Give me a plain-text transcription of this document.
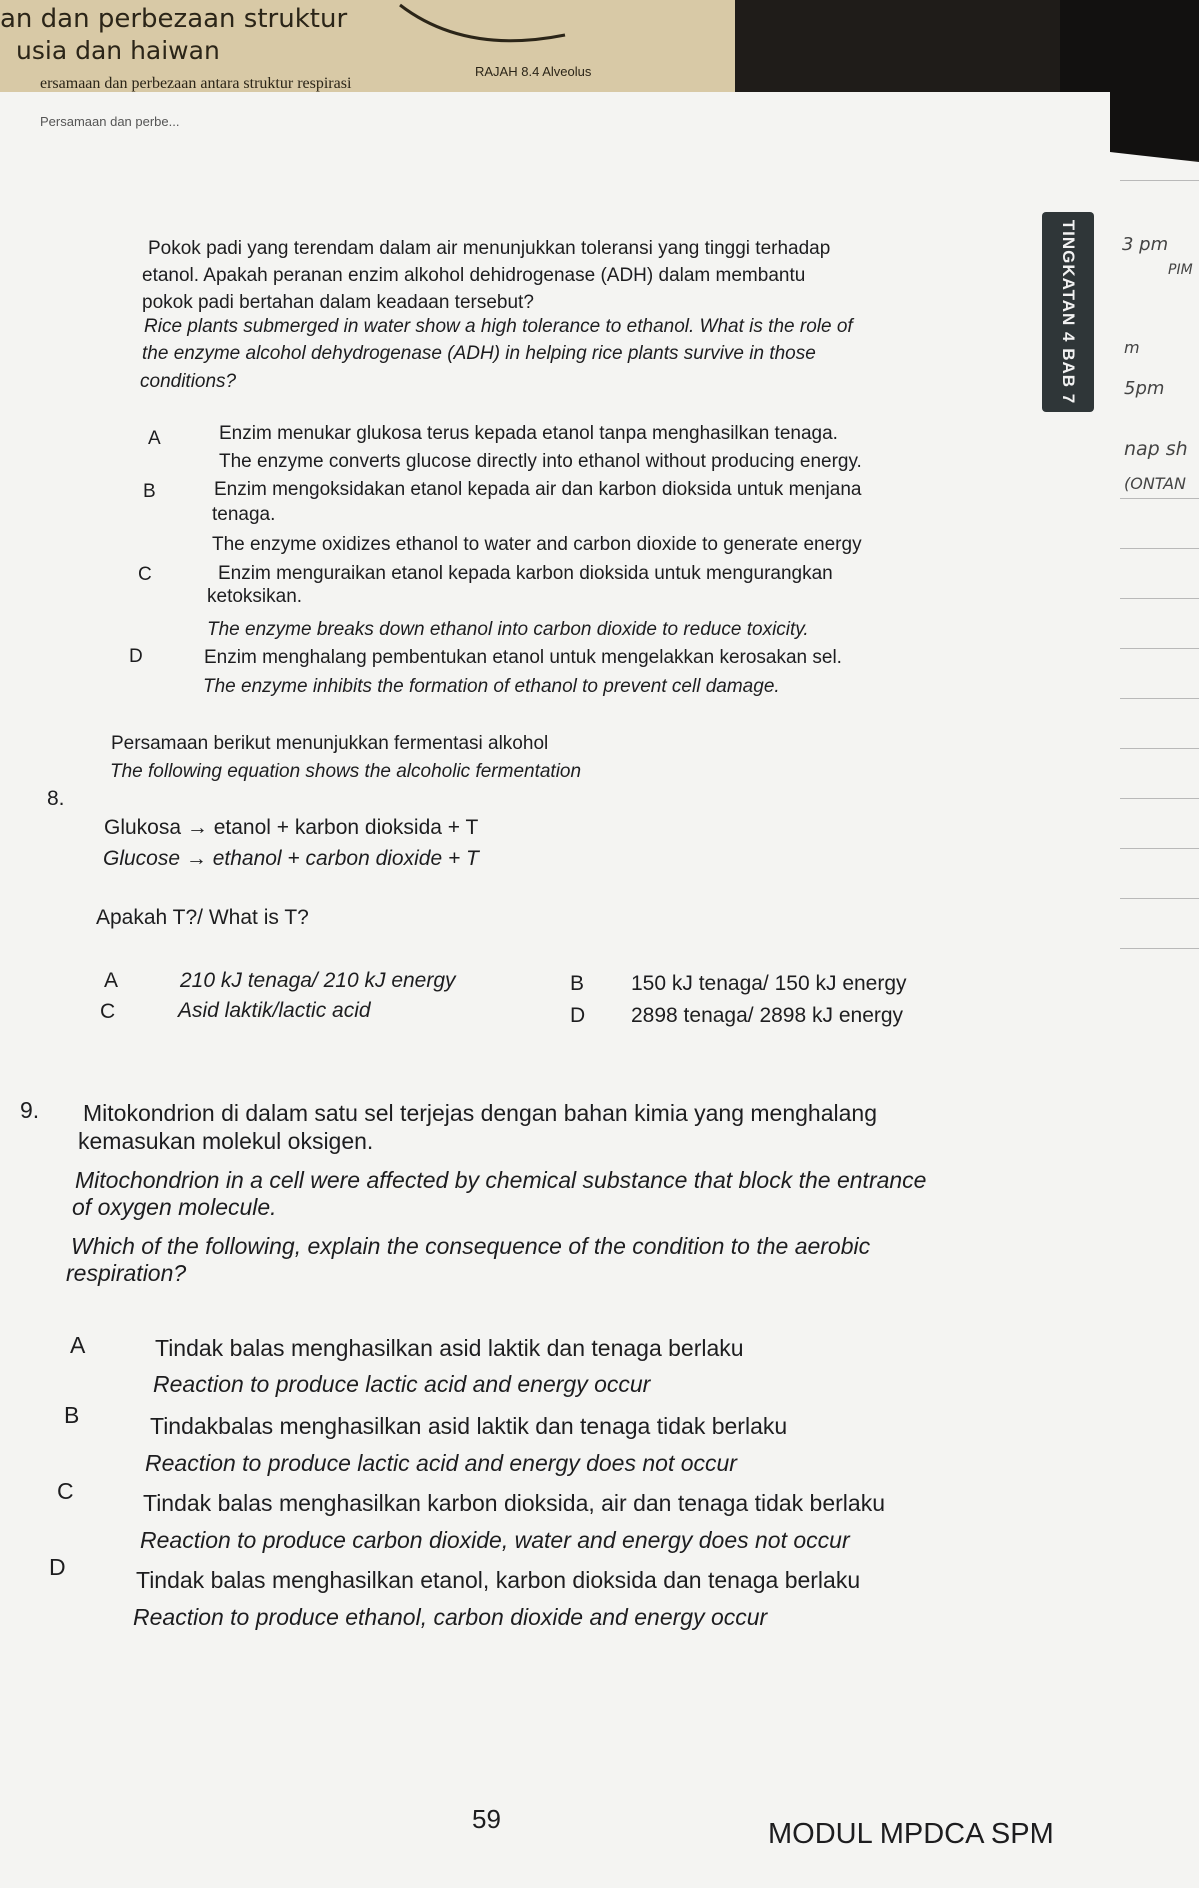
an dan perbezaan struktur
usia dan haiwan
ersamaan dan perbezaan antara struktur respirasi
RAJAH 8.4 Alveolus
Persamaan dan perbe...
TINGKATAN 4 BAB 7 3 pm
PIM
m
5pm
nap sh
(ONTAN
Pokok padi yang terendam dalam air menunjukkan toleransi yang tinggi terhadap
etanol. Apakah peranan enzim alkohol dehidrogenase (ADH) dalam membantu
pokok padi bertahan dalam keadaan tersebut?
Rice plants submerged in water show a high tolerance to ethanol. What is the role of
the enzyme alcohol dehydrogenase (ADH) in helping rice plants survive in those
conditions?
A	Enzim menukar glukosa terus kepada etanol tanpa menghasilkan tenaga.
The enzyme converts glucose directly into ethanol without producing energy.
B	Enzim mengoksidakan etanol kepada air dan karbon dioksida untuk menjana
tenaga.
The enzyme oxidizes ethanol to water and carbon dioxide to generate energy
C	Enzim menguraikan etanol kepada karbon dioksida untuk mengurangkan
ketoksikan.
The enzyme breaks down ethanol into carbon dioxide to reduce toxicity.
D	Enzim menghalang pembentukan etanol untuk mengelakkan kerosakan sel.
The enzyme inhibits the formation of ethanol to prevent cell damage.
Persamaan berikut menunjukkan fermentasi alkohol
The following equation shows the alcoholic fermentation
8.
Glukosa → etanol + karbon dioksida + T
Glucose → ethanol + carbon dioxide + T
Apakah T?/ What is T?
A	210 kJ tenaga/ 210 kJ energy	B 150 kJ tenaga/ 150 kJ energy
C	Asid laktik/lactic acid	D 2898 tenaga/ 2898 kJ energy
9. Mitokondrion di dalam satu sel terjejas dengan bahan kimia yang menghalang
kemasukan molekul oksigen.
Mitochondrion in a cell were affected by chemical substance that block the entrance
of oxygen molecule.
Which of the following, explain the consequence of the condition to the aerobic
respiration?
A	Tindak balas menghasilkan asid laktik dan tenaga berlaku
Reaction to produce lactic acid and energy occur
B	Tindakbalas menghasilkan asid laktik dan tenaga tidak berlaku
Reaction to produce lactic acid and energy does not occur
C	Tindak balas menghasilkan karbon dioksida, air dan tenaga tidak berlaku
Reaction to produce carbon dioxide, water and energy does not occur
D	Tindak balas menghasilkan etanol, karbon dioksida dan tenaga berlaku
Reaction to produce ethanol, carbon dioxide and energy occur
59	MODUL MPDCA SPM
